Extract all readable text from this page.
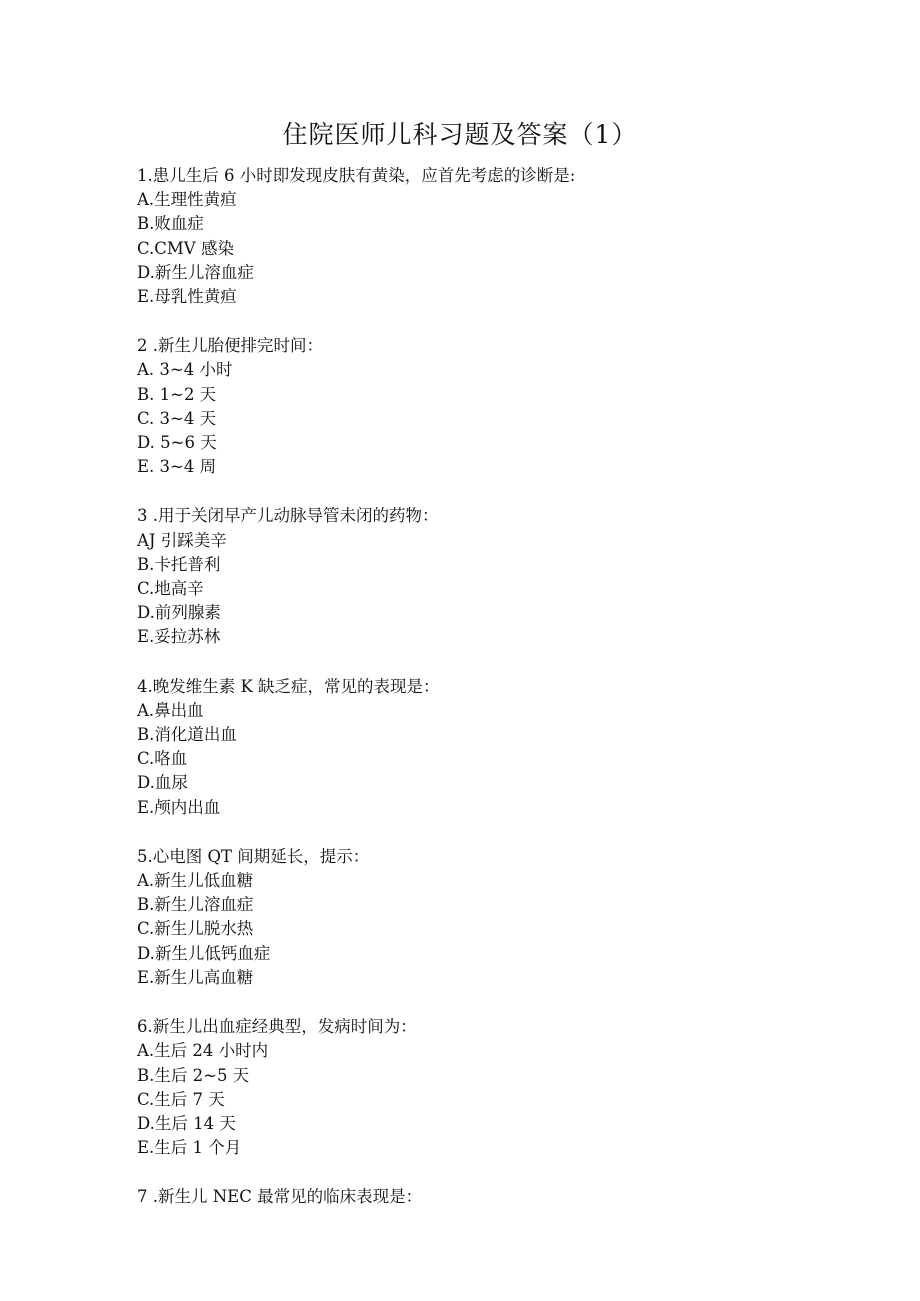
住院医师儿科习题及答案（1）
1.患儿生后 6 小时即发现皮肤有黄染，应首先考虑的诊断是:
A.生理性黄疸
B.败血症
C.CMV 感染
D.新生儿溶血症
E.母乳性黄疸
2 .新生儿胎便排完时间：
A. 3~4 小时
B. 1~2 天
C. 3~4 天
D. 5~6 天
E. 3~4 周
3 .用于关闭早产儿动脉导管未闭的药物：
AJ 引踩美辛
B.卡托普利
C.地高辛
D.前列腺素
E.妥拉苏林
4.晚发维生素 K 缺乏症，常见的表现是：
A.鼻出血
B.消化道出血
C.咯血
D.血尿
E.颅内出血
5.心电图 QT 间期延长，提示：
A.新生儿低血糖
B.新生儿溶血症
C.新生儿脱水热
D.新生儿低钙血症
E.新生儿高血糖
6.新生儿出血症经典型，发病时间为：
A.生后 24 小时内
B.生后 2~5 天
C.生后 7 天
D.生后 14 天
E.生后 1 个月
7 .新生儿 NEC 最常见的临床表现是：
